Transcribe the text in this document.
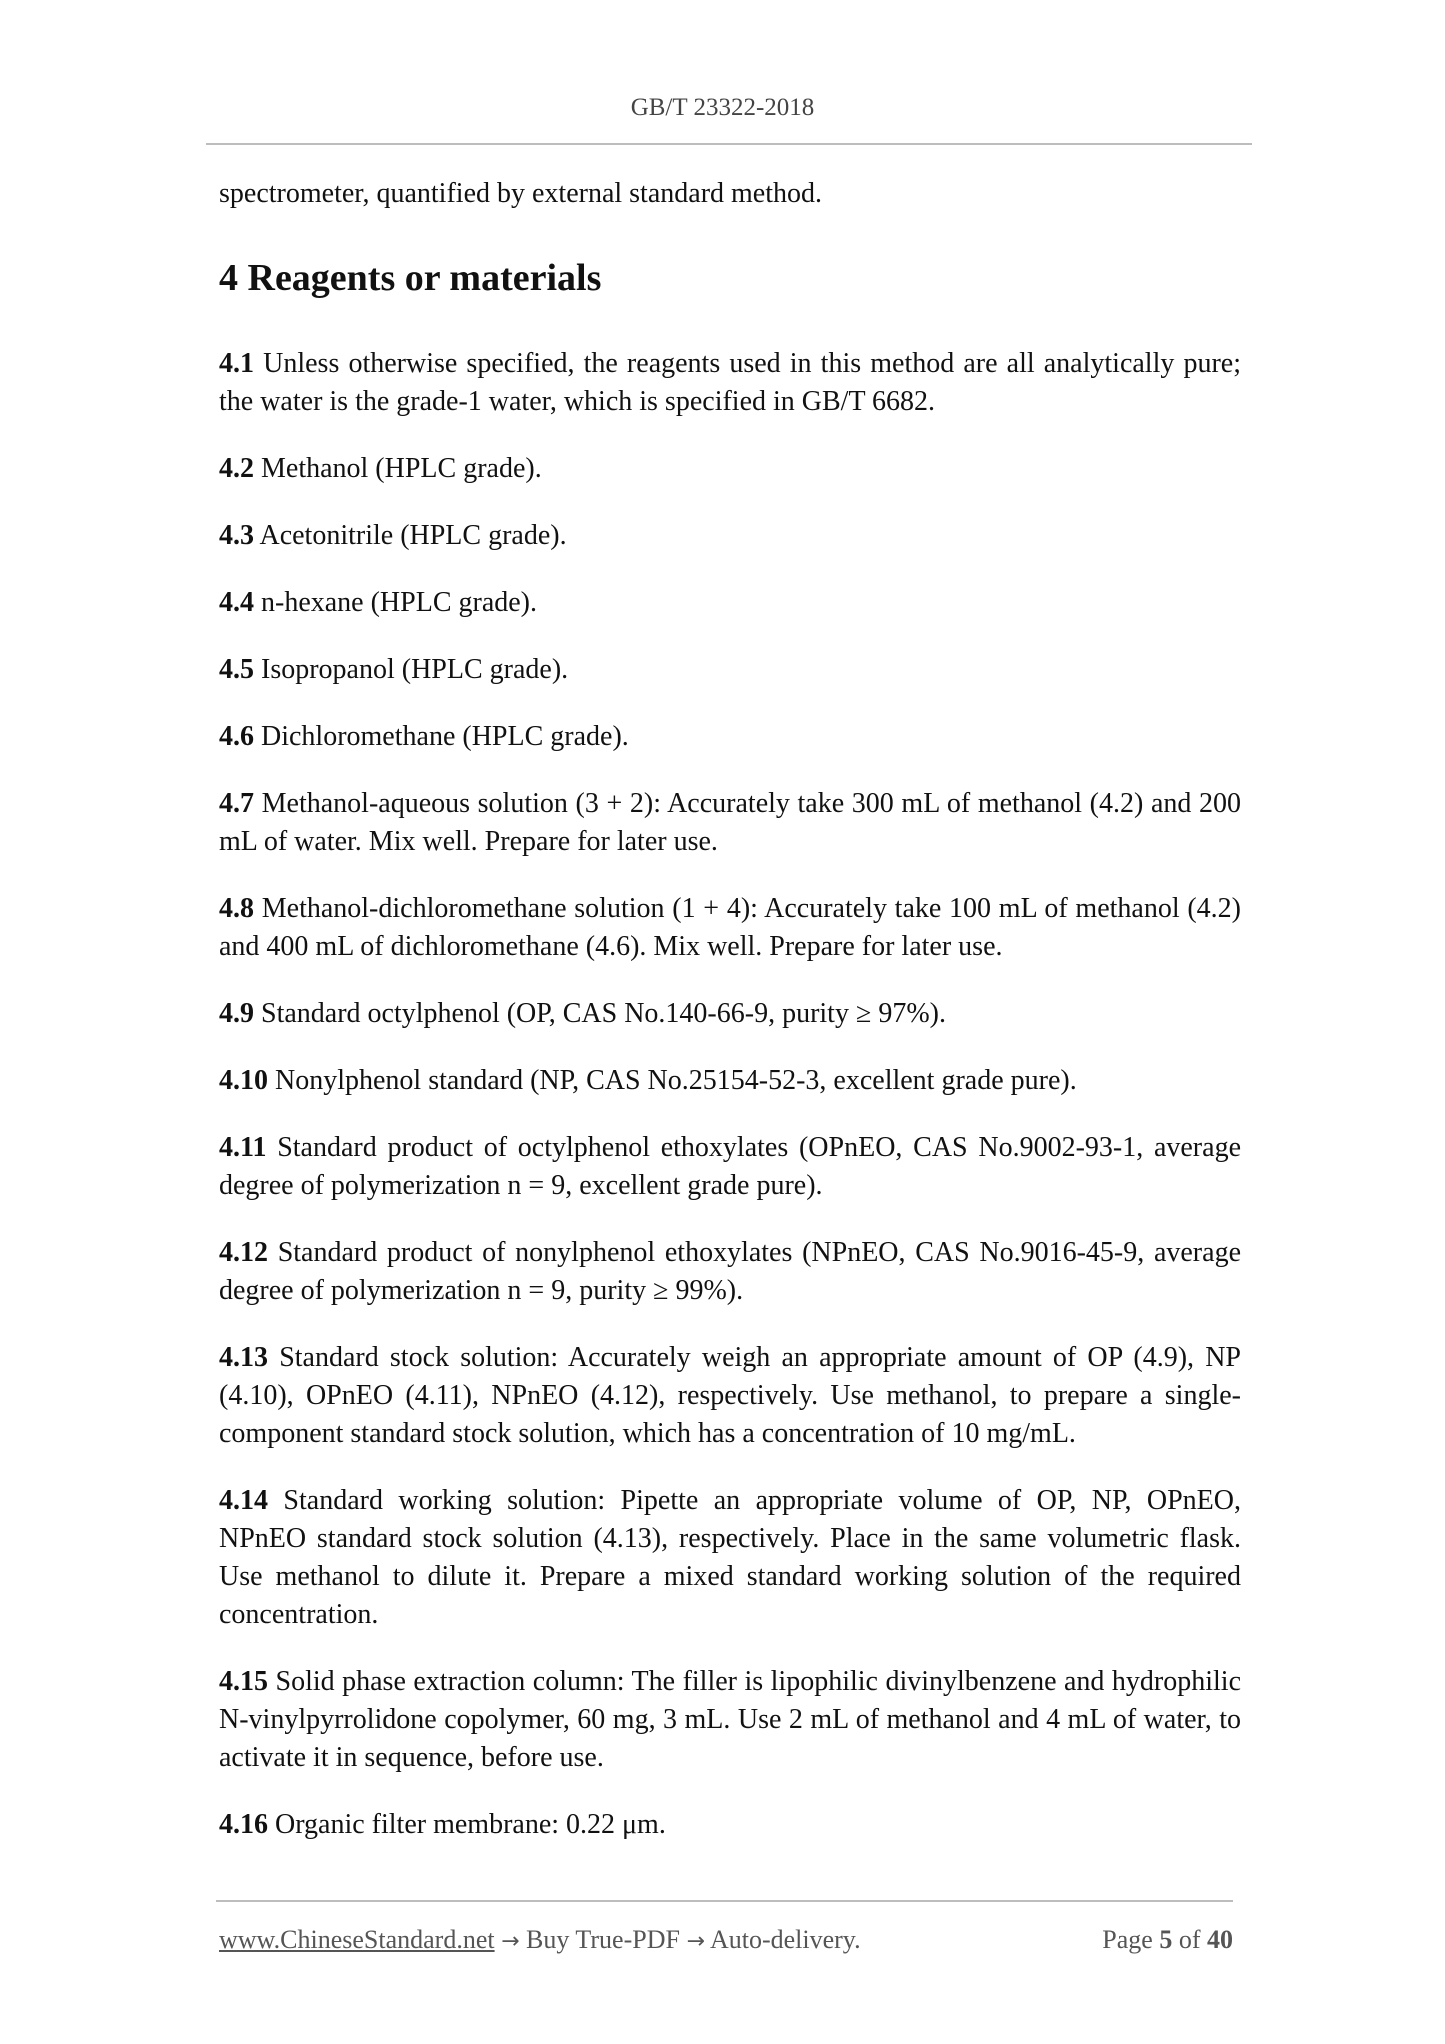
GB/T 23322-2018

spectrometer, quantified by external standard method.

4 Reagents or materials

4.1 Unless otherwise specified, the reagents used in this method are all analytically pure; the water is the grade-1 water, which is specified in GB/T 6682.

4.2 Methanol (HPLC grade).

4.3 Acetonitrile (HPLC grade).

4.4 n-hexane (HPLC grade).

4.5 Isopropanol (HPLC grade).

4.6 Dichloromethane (HPLC grade).

4.7 Methanol-aqueous solution (3 + 2): Accurately take 300 mL of methanol (4.2) and 200 mL of water. Mix well. Prepare for later use.

4.8 Methanol-dichloromethane solution (1 + 4): Accurately take 100 mL of methanol (4.2) and 400 mL of dichloromethane (4.6). Mix well. Prepare for later use.

4.9 Standard octylphenol (OP, CAS No.140-66-9, purity ≥ 97%).

4.10 Nonylphenol standard (NP, CAS No.25154-52-3, excellent grade pure).

4.11 Standard product of octylphenol ethoxylates (OPnEO, CAS No.9002-93-1, average degree of polymerization n = 9, excellent grade pure).

4.12 Standard product of nonylphenol ethoxylates (NPnEO, CAS No.9016-45-9, average degree of polymerization n = 9, purity ≥ 99%).

4.13 Standard stock solution: Accurately weigh an appropriate amount of OP (4.9), NP (4.10), OPnEO (4.11), NPnEO (4.12), respectively. Use methanol, to prepare a single-component standard stock solution, which has a concentration of 10 mg/mL.

4.14 Standard working solution: Pipette an appropriate volume of OP, NP, OPnEO, NPnEO standard stock solution (4.13), respectively. Place in the same volumetric flask. Use methanol to dilute it. Prepare a mixed standard working solution of the required concentration.

4.15 Solid phase extraction column: The filler is lipophilic divinylbenzene and hydrophilic N-vinylpyrrolidone copolymer, 60 mg, 3 mL. Use 2 mL of methanol and 4 mL of water, to activate it in sequence, before use.

4.16 Organic filter membrane: 0.22 μm.

www.ChineseStandard.net → Buy True-PDF → Auto-delivery.	Page 5 of 40
